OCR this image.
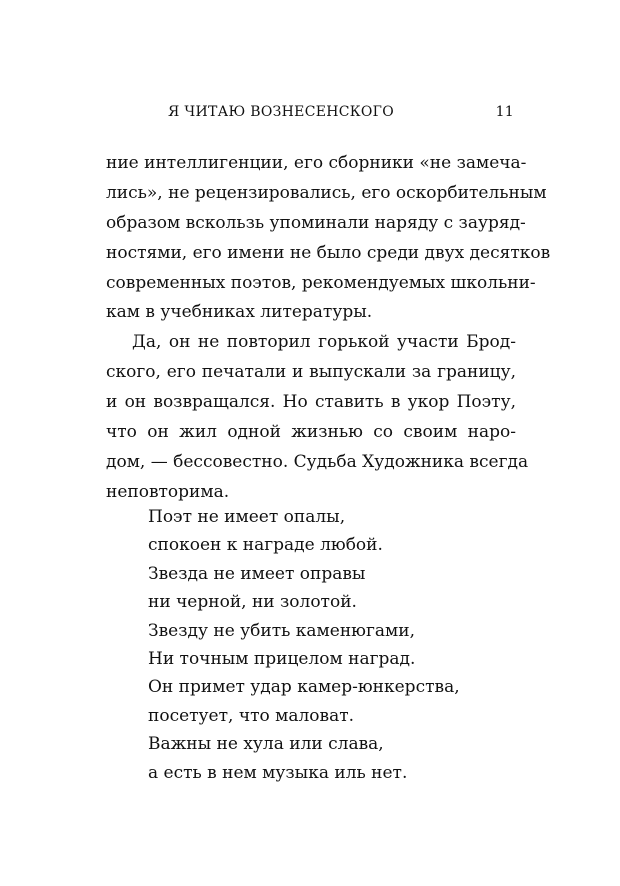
Я ЧИТАЮ ВОЗНЕСЕНСКОГО	11
ние интеллигенции, его сборники «не замеча-
лись», не рецензировались, его оскорбительным
образом вскользь упоминали наряду с зауряд-
ностями, его имени не было среди двух десятков
современных поэтов, рекомендуемых школьни-
кам в учебниках литературы.
Да, он не повторил горькой участи Брод-
ского, его печатали и выпускали за границу,
и он возвращался. Но ставить в укор Поэту,
что он жил одной жизнью со своим наро-
дом, — бессовестно. Судьба Художника всегда
неповторима.
Поэт не имеет опалы,
спокоен к награде любой.
Звезда не имеет оправы
ни черной, ни золотой.
Звезду не убить каменюгами,
Ни точным прицелом наград.
Он примет удар камер-юнкерства,
посетует, что маловат.
Важны не хула или слава,
а есть в нем музыка иль нет.
